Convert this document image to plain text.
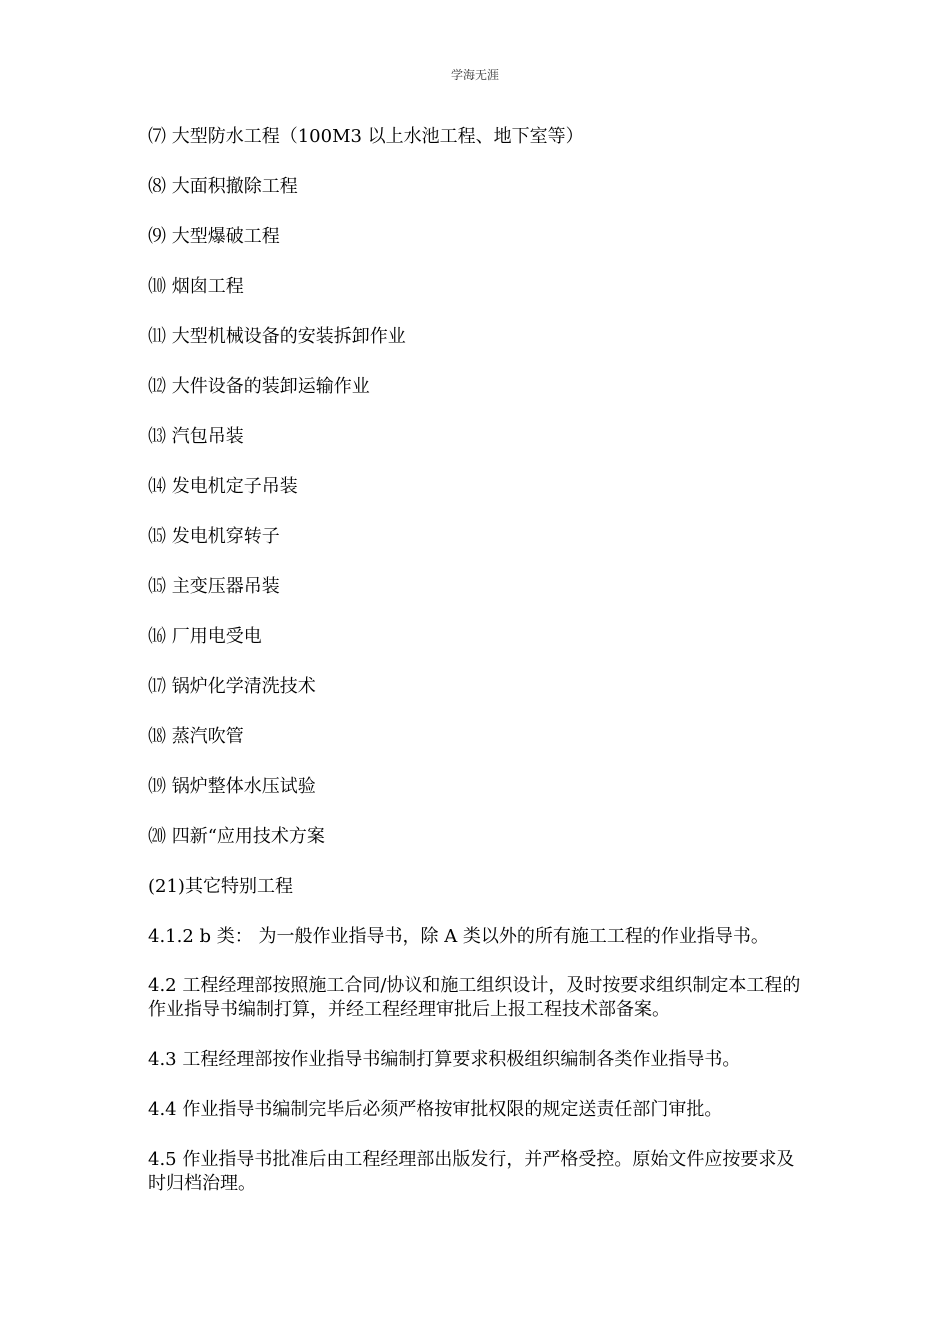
学海无涯
⑺ 大型防水工程（100M3 以上水池工程、地下室等）
⑻ 大面积撤除工程
⑼ 大型爆破工程
⑽ 烟囱工程
⑾ 大型机械设备的安装拆卸作业
⑿ 大件设备的装卸运输作业
⒀ 汽包吊装
⒁ 发电机定子吊装
⒂ 发电机穿转子
⒂ 主变压器吊装
⒃ 厂用电受电
⒄ 锅炉化学清洗技术
⒅ 蒸汽吹管
⒆ 锅炉整体水压试验
⒇ 四新“应用技术方案
(21)其它特别工程
4.1.2 b 类： 为一般作业指导书，除 A 类以外的所有施工工程的作业指导书。
4.2 工程经理部按照施工合同/协议和施工组织设计，及时按要求组织制定本工程的作业指导书编制打算，并经工程经理审批后上报工程技术部备案。
4.3 工程经理部按作业指导书编制打算要求积极组织编制各类作业指导书。
4.4 作业指导书编制完毕后必须严格按审批权限的规定送责任部门审批。
4.5 作业指导书批准后由工程经理部出版发行，并严格受控。原始文件应按要求及时归档治理。
